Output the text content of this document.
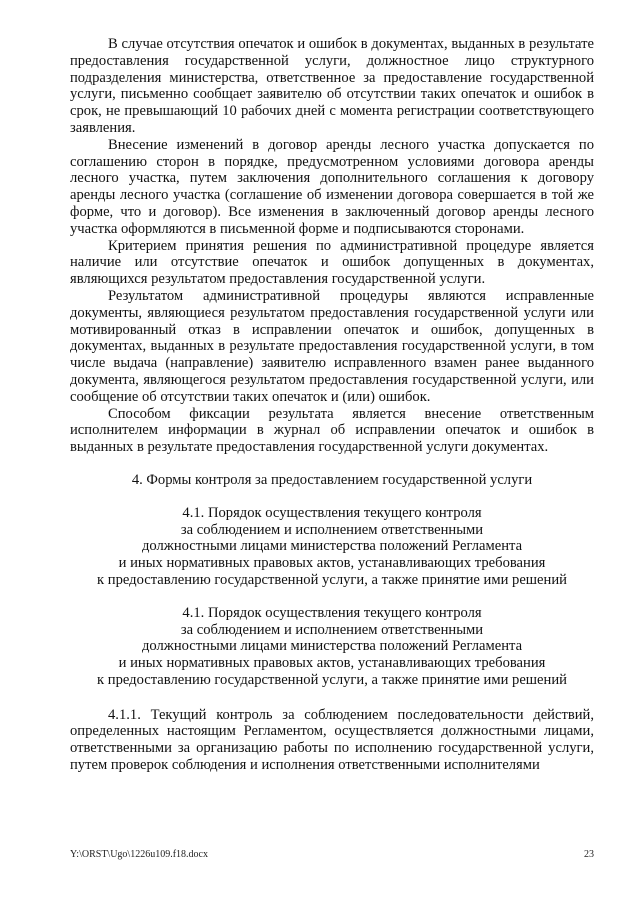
В случае отсутствия опечаток и ошибок в документах, выданных в результате предоставления государственной услуги, должностное лицо структурного подразделения министерства, ответственное за предоставление государственной услуги, письменно сообщает заявителю об отсутствии таких опечаток и ошибок в срок, не превышающий 10 рабочих дней с момента регистрации соответствующего заявления.

Внесение изменений в договор аренды лесного участка допускается по соглашению сторон в порядке, предусмотренном условиями договора аренды лесного участка, путем заключения дополнительного соглашения к договору аренды лесного участка (соглашение об изменении договора совершается в той же форме, что и договор). Все изменения в заключенный договор аренды лесного участка оформляются в письменной форме и подписываются сторонами.

Критерием принятия решения по административной процедуре является наличие или отсутствие опечаток и ошибок допущенных в документах, являющихся результатом предоставления государственной услуги.

Результатом административной процедуры являются исправленные документы, являющиеся результатом предоставления государственной услуги или мотивированный отказ в исправлении опечаток и ошибок, допущенных в документах, выданных в результате предоставления государственной услуги, в том числе выдача (направление) заявителю исправленного взамен ранее выданного документа, являющегося результатом предоставления государственной услуги, или сообщение об отсутствии таких опечаток и (или) ошибок.

Способом фиксации результата является внесение ответственным исполнителем информации в журнал об исправлении опечаток и ошибок в выданных в результате предоставления государственной услуги документах.

4. Формы контроля за предоставлением государственной услуги

4.1. Порядок осуществления текущего контроля

за соблюдением и исполнением ответственными

должностными лицами министерства положений Регламента

и иных нормативных правовых актов, устанавливающих требования

к предоставлению государственной услуги, а также принятие ими решений

4.1. Порядок осуществления текущего контроля

за соблюдением и исполнением ответственными

должностными лицами министерства положений Регламента

и иных нормативных правовых актов, устанавливающих требования

к предоставлению государственной услуги, а также принятие ими решений

4.1.1. Текущий контроль за соблюдением последовательности действий, определенных настоящим Регламентом, осуществляется должностными лицами, ответственными за организацию работы по исполнению государственной услуги, путем проверок соблюдения и исполнения ответственными исполнителями

Y:\ORST\Ugo\1226u109.f18.docx	23
